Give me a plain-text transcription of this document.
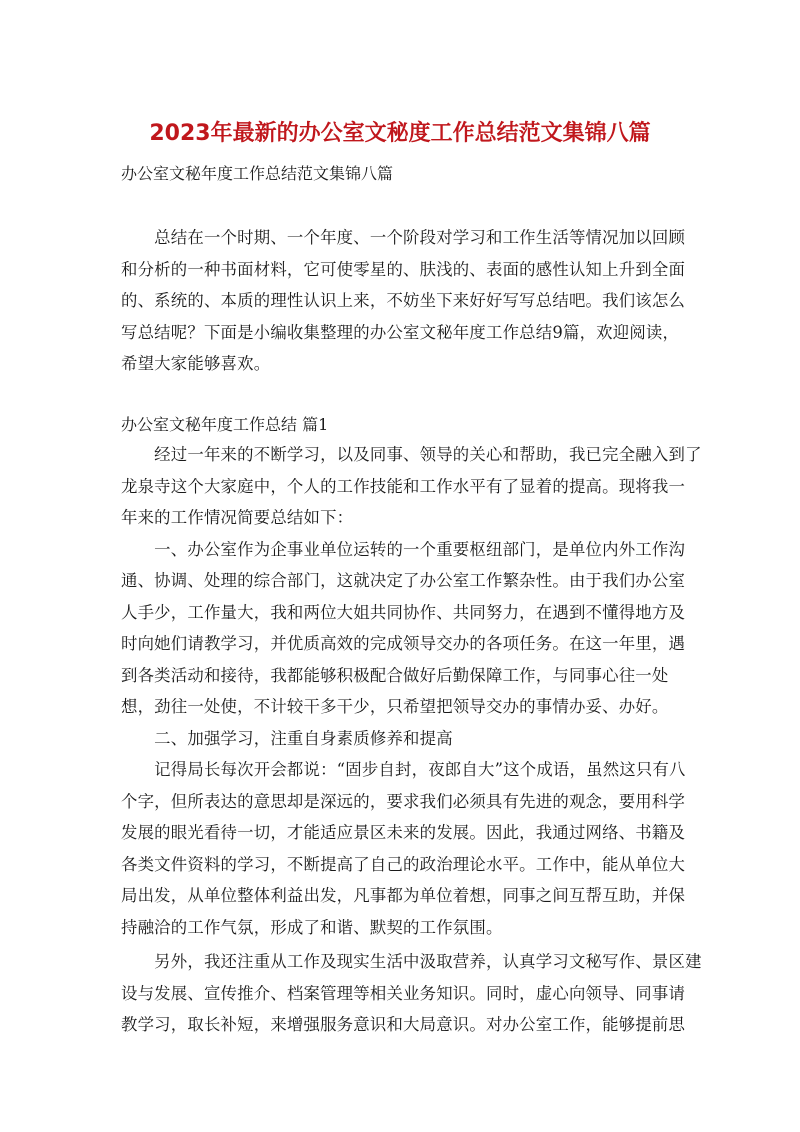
2023年最新的办公室文秘度工作总结范文集锦八篇
办公室文秘年度工作总结范文集锦八篇
　　总结在一个时期、一个年度、一个阶段对学习和工作生活等情况加以回顾
和分析的一种书面材料，它可使零星的、肤浅的、表面的感性认知上升到全面
的、系统的、本质的理性认识上来，不妨坐下来好好写写总结吧。我们该怎么
写总结呢？下面是小编收集整理的办公室文秘年度工作总结9篇，欢迎阅读，
希望大家能够喜欢。
办公室文秘年度工作总结 篇1
　　经过一年来的不断学习，以及同事、领导的关心和帮助，我已完全融入到了
龙泉寺这个大家庭中，个人的工作技能和工作水平有了显着的提高。现将我一
年来的工作情况简要总结如下：
　　一、办公室作为企事业单位运转的一个重要枢纽部门，是单位内外工作沟
通、协调、处理的综合部门，这就决定了办公室工作繁杂性。由于我们办公室
人手少，工作量大，我和两位大姐共同协作、共同努力，在遇到不懂得地方及
时向她们请教学习，并优质高效的完成领导交办的各项任务。在这一年里，遇
到各类活动和接待，我都能够积极配合做好后勤保障工作，与同事心往一处
想，劲往一处使，不计较干多干少，只希望把领导交办的事情办妥、办好。
　　二、加强学习，注重自身素质修养和提高
　　记得局长每次开会都说：“固步自封，夜郎自大”这个成语，虽然这只有八
个字，但所表达的意思却是深远的，要求我们必须具有先进的观念，要用科学
发展的眼光看待一切，才能适应景区未来的发展。因此，我通过网络、书籍及
各类文件资料的学习，不断提高了自己的政治理论水平。工作中，能从单位大
局出发，从单位整体利益出发，凡事都为单位着想，同事之间互帮互助，并保
持融洽的工作气氛，形成了和谐、默契的工作氛围。
　　另外，我还注重从工作及现实生活中汲取营养，认真学习文秘写作、景区建
设与发展、宣传推介、档案管理等相关业务知识。同时，虚心向领导、同事请
教学习，取长补短，来增强服务意识和大局意识。对办公室工作，能够提前思
